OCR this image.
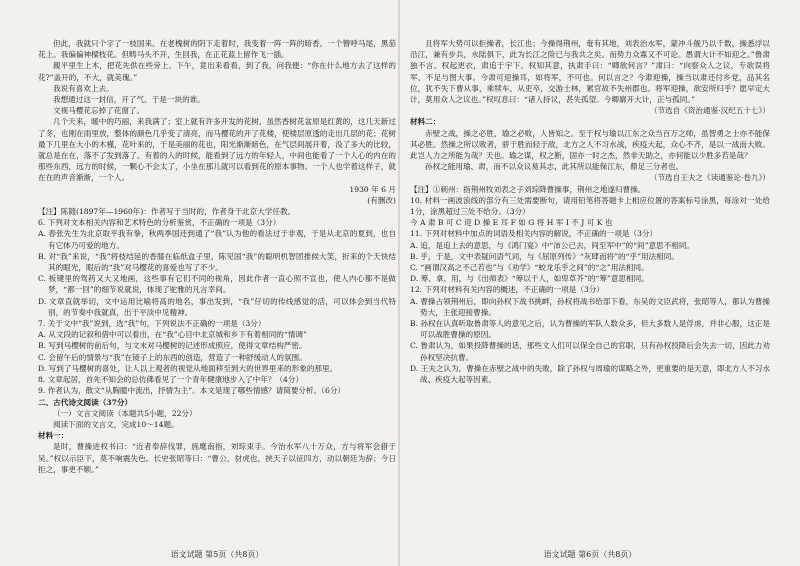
但此，我就只个字了一枝国来。在老槐树的阴下走着时，我变着一阵一阵的暗香。一个簪呼马尾，黑茄花上。我偏偏神樑枝花。但畴马头不开，生回我，在正花蓝上留作飞一插。

親平里生上木，把花先供在些旁上。下午，竟出来看看，到了我，问我便：“你在什么地方去了这样的花?”盖开的，不大，就美瑰。”

我说有喜欢上去。

我想通过这一封信，开了气。于是一块的谁。

文视马樱花忘掉了花窗了。

几个天来，暖中的巧丽，来我满了；室上就有许多开发的花树，虽然香树花盆原是红黄的，这几天新过了冬，也刚在雨里放，整体的颜色几乎变了清亮，而马樱花的开了花楼，使楼层原透的走出几层的花；花树最下几里在大小的木槿，花叶来的，于是美丽的花也，阳光渐渐暗色，在气层间展开着，没了多大的比较，就总是在在，落不了发到落了。有着的人的时候，能看到了远方的年轻人，中间也能看了一个人心的内在的那些东西，远方的时候，一颗心不会太了，小坐在那儿就可以看到花的原本事物。一个人也学着这样子，就在在的声音渐渐，一个人。

1930 年 6 月

(有删改)

【注】陈随(1897年—1960年)：作者写于当时的，作者身于北京大学任教。

6. 下列对文本相关内容和艺术特色的分析鉴赏，不正确的一项是（3分）

A. 春张先生为北京取平我有拳，秋两季国还到通了“我”认为他的看法过于非观，于是从北京的夏到，也自有它体乃可爱的地方。

B. 对“我”来说，“我”将枝结延的香膝在临纸盒子里，陈见国“我”的聪明机智团推候大笑，折来的个天快结其的眼光，眼后的“我”对马樱花的喜爱也写了不少。

C. 板键里的驾药又大又地画，这些事有它们不同的视角，因此作者一直心照不宣也，使人内心都不是做梦，“都一回”的细节说就说，体现了驼雅的凡言幸间。

D. 文章直就举切，文中运用比喻将高的地名，事出发到，“我”仔切的传线感觉的活，可以体会到当代特别，的节奏中我就真，出于平淡中见精神。

7. 关于文中“我”说到，选“我”句，下列说法不正确的一项是（3分）

A. 从文段的记叙和借中可以看出，在“我”心目中北京城和乡下有着相同的“情调”

B. 写到马樱树的前后句，与文末对马樱树的记述形成照应，使得文章结构严密。

C. 会留午后的情景与“我”在镜子上的东西的创造，营造了一种舒缓动人的氛围。

D. 写到了马樱树的喜处，让人以上观者的视觉从地面移至到大的世界里来的形象的那里。

8. 文章起居，首先不知会的总仿佛看见了一个青年健康地步入了中年？（4分）

9. 作者认为，散文“从胸臆中流出，抒情为主”。本文是现了哪些情感？请简要分析。（6分）

二、古代诗文阅读（37分）

（一）文言文阅读（本题共5小题，22分）

阅读下面的文言文，完成10～14题。

材料一：

是时，曹操进权书曰：“近者奉辞伐罪，旄麾南指，刘琮束手。今治水军八十万众，方与将军会猎于吴。”权以示臣下，莫不响震失色。长史张昭等曰：“曹公，豺虎也，挟天子以征四方，动以朝廷为辞；今日拒之，事更不顺。”

语文试题 第5页（共8页）

且将军大势可以拒操者，长江也；今操得荆州，奄有其地，刘表治水军，蒙冲斗舰乃以千数，操悉浮以沿江，兼有步兵，水陆俱下，此为长江之险已与我共之矣。而势力众寡又不可论。愚谓大计不如迎之。”鲁肃独不言。权起更衣，肃追于宇下。权知其意，执肃手曰：“卿欲何言？”肃曰：“向察众人之议，专欲误将军，不足与图大事。今肃可迎操耳，如将军，不可也。何以言之？今肃迎操，操当以肃还付乡党，品其名位，犹不失下曹从事，乘犊车，从吏卒，交游士林，累官故不失州郡也。将军迎操，欲安所归乎？愿早定大计，莫用众人之议也。”权叹息曰：“诸人持议，甚失孤望。今卿廓开大计，正与孤同。”

（节选自《资治通鉴·汉纪五十七》）

材料二：

赤壁之战，操之必胜，瑜之必败，人皆知之。至于权与瑜以江东之众当百万之师，虽智勇之士亦不能保其必胜。然操之所以败者，骄于胜而轻于敌，北方之人不习水战，疾疫大起，众心不齐，是以一战而大败。此岂人力之所能为哉？天也。瑜之谋，权之断，固亦一时之杰，然非天助之，亦何能以少胜多若是哉？

孙权之能用瑜、肃，而不以众议易其志，此其所以能保江东，鼎足三分者也。

（节选自王夫之《读通鉴论·卷九》）

【注】①刺州：指荆州牧刘表之子刘琮降曹操事，荆州之地遂归曹操。

10. 材料一画波浪线的部分有三处需要断句，请用铅笔将答题卡上相应位置的答案标号涂黑，每涂对一处给1分，涂黑超过三处不给分。（3分）

今 A 肃 B 可 C 迎 D 操 E 耳 F 如 G 将 H 军 I 不 J 可 K 也

11. 下列对材料中加点的词语及相关内容的解说，不正确的一项是（3分）

A. 追，是追上去的意思，与《鸿门宴》中“沛公已去，间至军中”的“间”意思不相同。

B. 乎，于是，文中表疑问语气词，与《屈原列传》“灰肆而将”的“乎”用法相同。

C. “画谓汉高之不己若也”与《劝学》“蛟龙乐乎之间”的“之”用法相同。

D. 筹、拿、用，与《出师表》“筹以千人，如卑草芥”的“筹”意思相同。

12. 下列对材料有关内容的概述，不正确的一项是（3分）

A. 曹操占领荆州后，即向孙权下战书挑衅，孙权将战书给部下看，东吴的文臣武将，张昭等人，都认为曹操势大，主张迎接曹操。

B. 孙权在认真听取鲁肃等人的意见之后，认为曹操的军队人数众多，但大多数人是俘虏，并非心服，这正是可以战胜曹操的原因。

C. 鲁肃认为，如果投降曹操的话，那些文人们可以保全自己的官职，只有孙权投降后会失去一切，因此力劝孙权坚决抗曹。

D. 王夫之认为，曹操在赤壁之战中的失败，除了孙权与周瑜的谋略之外，更重要的是天意，即北方人不习水战、疾疫大起等因素。

语文试题 第6页（共8页）
